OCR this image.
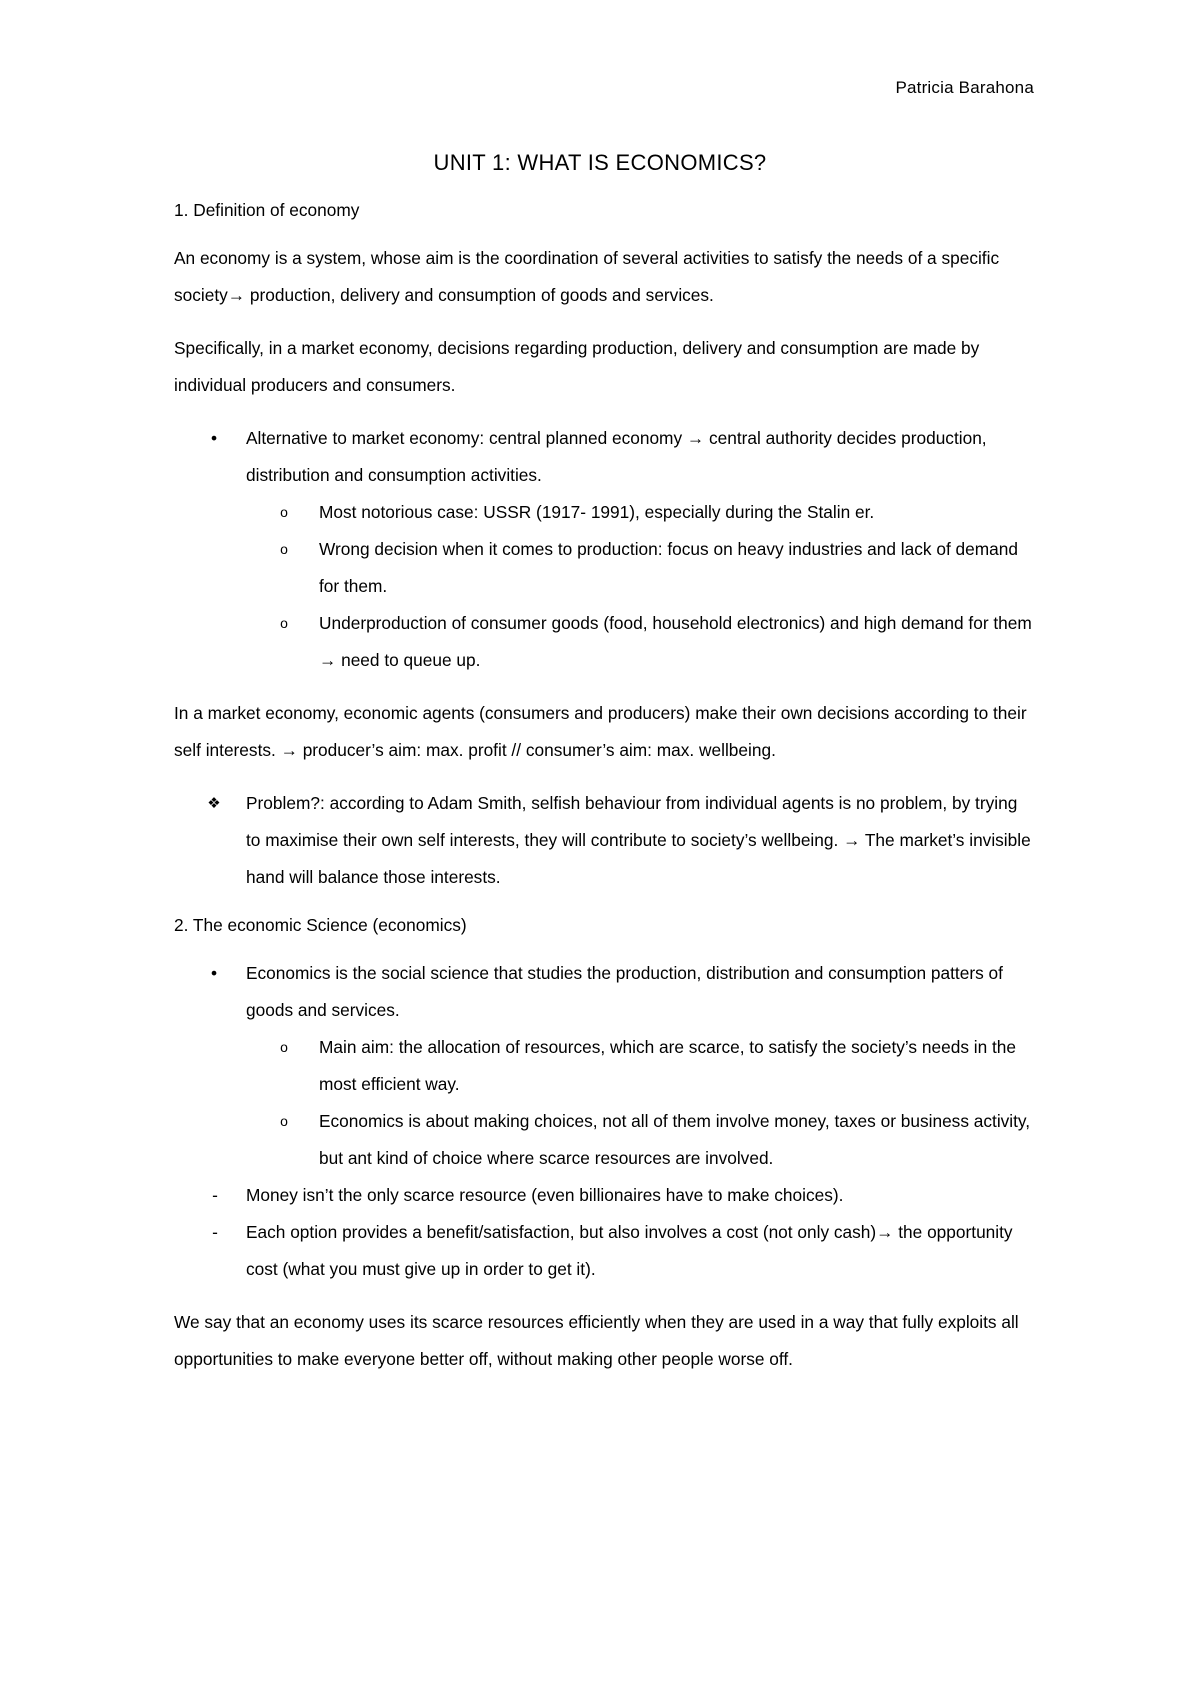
Patricia Barahona
UNIT 1: WHAT IS ECONOMICS?
1. Definition of economy

An economy is a system, whose aim is the coordination of several activities to satisfy the needs of a specific society→ production, delivery and consumption of goods and services.

Specifically, in a market economy, decisions regarding production, delivery and consumption are made by individual producers and consumers.

•	Alternative to market economy: central planned economy → central authority decides production, distribution and consumption activities.
o	Most notorious case: USSR (1917- 1991), especially during the Stalin er.
o	Wrong decision when it comes to production: focus on heavy industries and lack of demand for them.
o	Underproduction of consumer goods (food, household electronics) and high demand for them → need to queue up.

In a market economy, economic agents (consumers and producers) make their own decisions according to their self interests. → producer’s aim: max. profit // consumer’s aim: max. wellbeing.

❖ Problem?: according to Adam Smith, selfish behaviour from individual agents is no problem, by trying to maximise their own self interests, they will contribute to society’s wellbeing. → The market’s invisible hand will balance those interests.
2. The economic Science (economics)
•	Economics is the social science that studies the production, distribution and consumption patters of goods and services.
o	Main aim: the allocation of resources, which are scarce, to satisfy the society’s needs in the most efficient way.
o	Economics is about making choices, not all of them involve money, taxes or business activity, but ant kind of choice where scarce resources are involved.
- Money isn’t the only scarce resource (even billionaires have to make choices).
- Each option provides a benefit/satisfaction, but also involves a cost (not only cash)→ the opportunity cost (what you must give up in order to get it).

We say that an economy uses its scarce resources efficiently when they are used in a way that fully exploits all opportunities to make everyone better off, without making other people worse off.
